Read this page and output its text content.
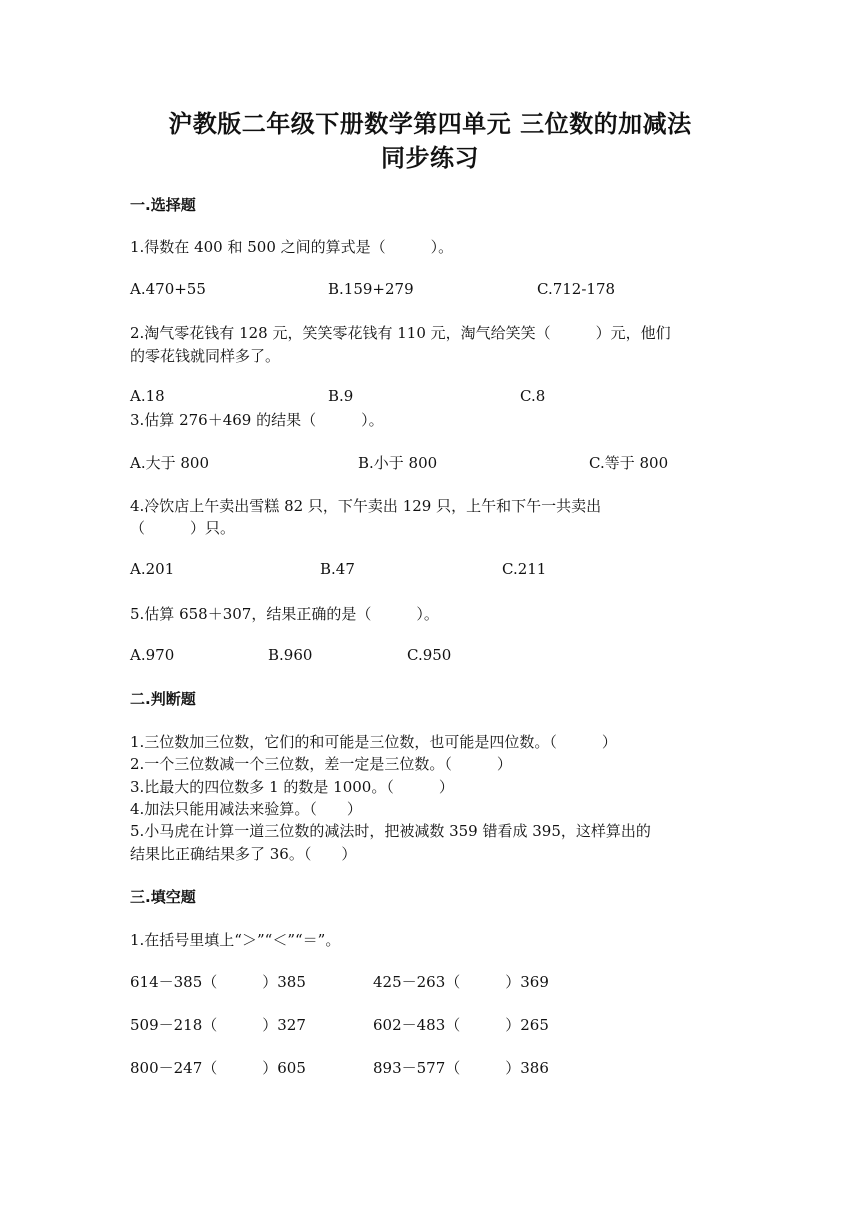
沪教版二年级下册数学第四单元 三位数的加减法
同步练习

一.选择题

1.得数在 400 和 500 之间的算式是（　　　）。

A.470+55	B.159+279	C.712-178

2.淘气零花钱有 128 元，笑笑零花钱有 110 元，淘气给笑笑（　　　）元，他们

的零花钱就同样多了。

A.18	B.9	C.8

3.估算 276＋469 的结果（　　　）。

A.大于 800	B.小于 800	C.等于 800

4.冷饮店上午卖出雪糕 82 只，下午卖出 129 只，上午和下午一共卖出

（　　　）只。

A.201	B.47	C.211

5.估算 658＋307，结果正确的是（　　　）。

A.970	B.960	C.950

二.判断题

1.三位数加三位数，它们的和可能是三位数，也可能是四位数。（　　　）

2.一个三位数减一个三位数，差一定是三位数。（　　　）

3.比最大的四位数多 1 的数是 1000。（　　　）

4.加法只能用减法来验算。（　　）

5.小马虎在计算一道三位数的减法时，把被减数 359 错看成 395，这样算出的

结果比正确结果多了 36。（　　）

三.填空题

1.在括号里填上“＞”“＜”“＝”。

614－385（　　　）385	425－263（　　　）369

509－218（　　　）327	602－483（　　　）265

800－247（　　　）605	893－577（　　　）386
